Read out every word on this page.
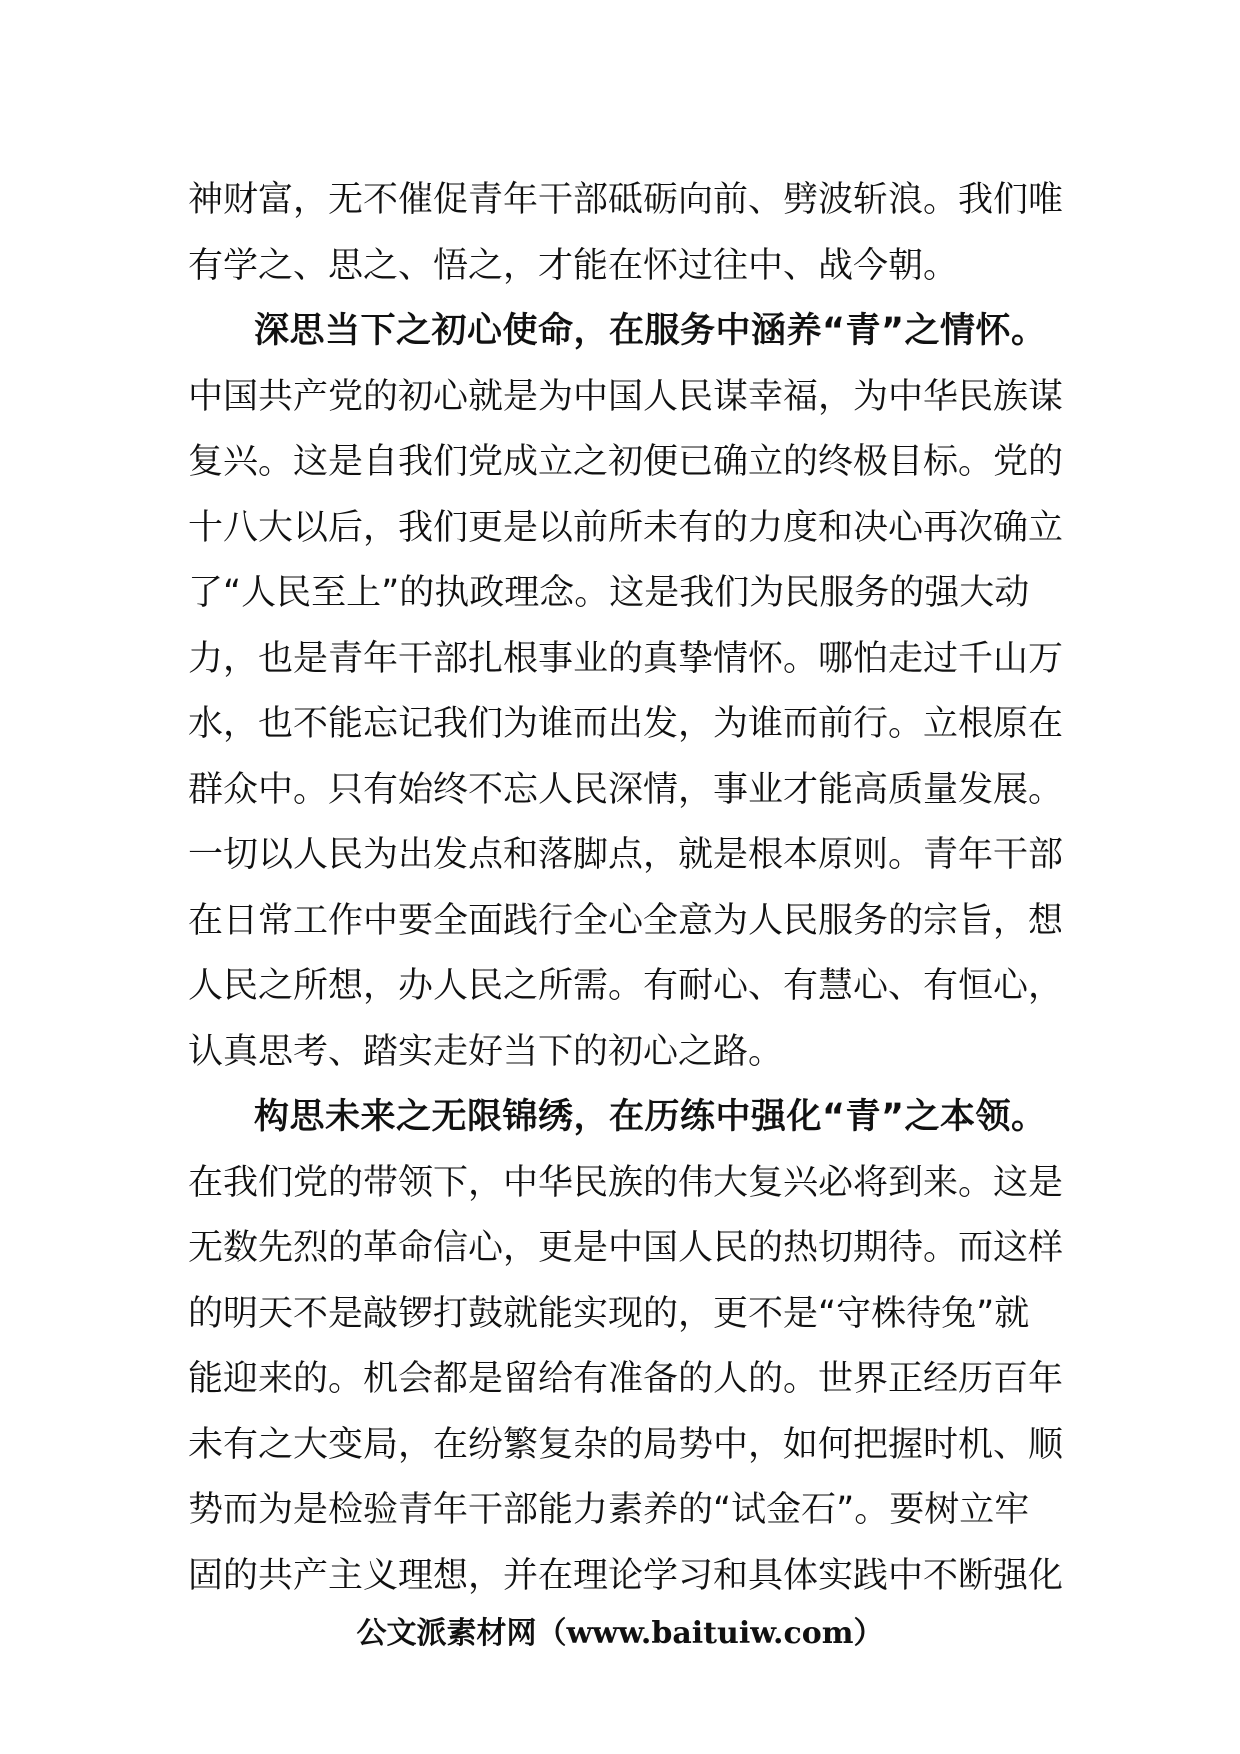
神财富，无不催促青年干部砥砺向前、劈波斩浪。我们唯
有学之、思之、悟之，才能在怀过往中、战今朝。
深思当下之初心使命，在服务中涵养“青”之情怀。
中国共产党的初心就是为中国人民谋幸福，为中华民族谋
复兴。这是自我们党成立之初便已确立的终极目标。党的
十八大以后，我们更是以前所未有的力度和决心再次确立
了“人民至上”的执政理念。这是我们为民服务的强大动
力，也是青年干部扎根事业的真挚情怀。哪怕走过千山万
水，也不能忘记我们为谁而出发，为谁而前行。立根原在
群众中。只有始终不忘人民深情，事业才能高质量发展。
一切以人民为出发点和落脚点，就是根本原则。青年干部
在日常工作中要全面践行全心全意为人民服务的宗旨，想
人民之所想，办人民之所需。有耐心、有慧心、有恒心，
认真思考、踏实走好当下的初心之路。
构思未来之无限锦绣，在历练中强化“青”之本领。
在我们党的带领下，中华民族的伟大复兴必将到来。这是
无数先烈的革命信心，更是中国人民的热切期待。而这样
的明天不是敲锣打鼓就能实现的，更不是“守株待兔”就
能迎来的。机会都是留给有准备的人的。世界正经历百年
未有之大变局，在纷繁复杂的局势中，如何把握时机、顺
势而为是检验青年干部能力素养的“试金石”。要树立牢
固的共产主义理想，并在理论学习和具体实践中不断强化
公文派素材网（www.baituiw.com）
